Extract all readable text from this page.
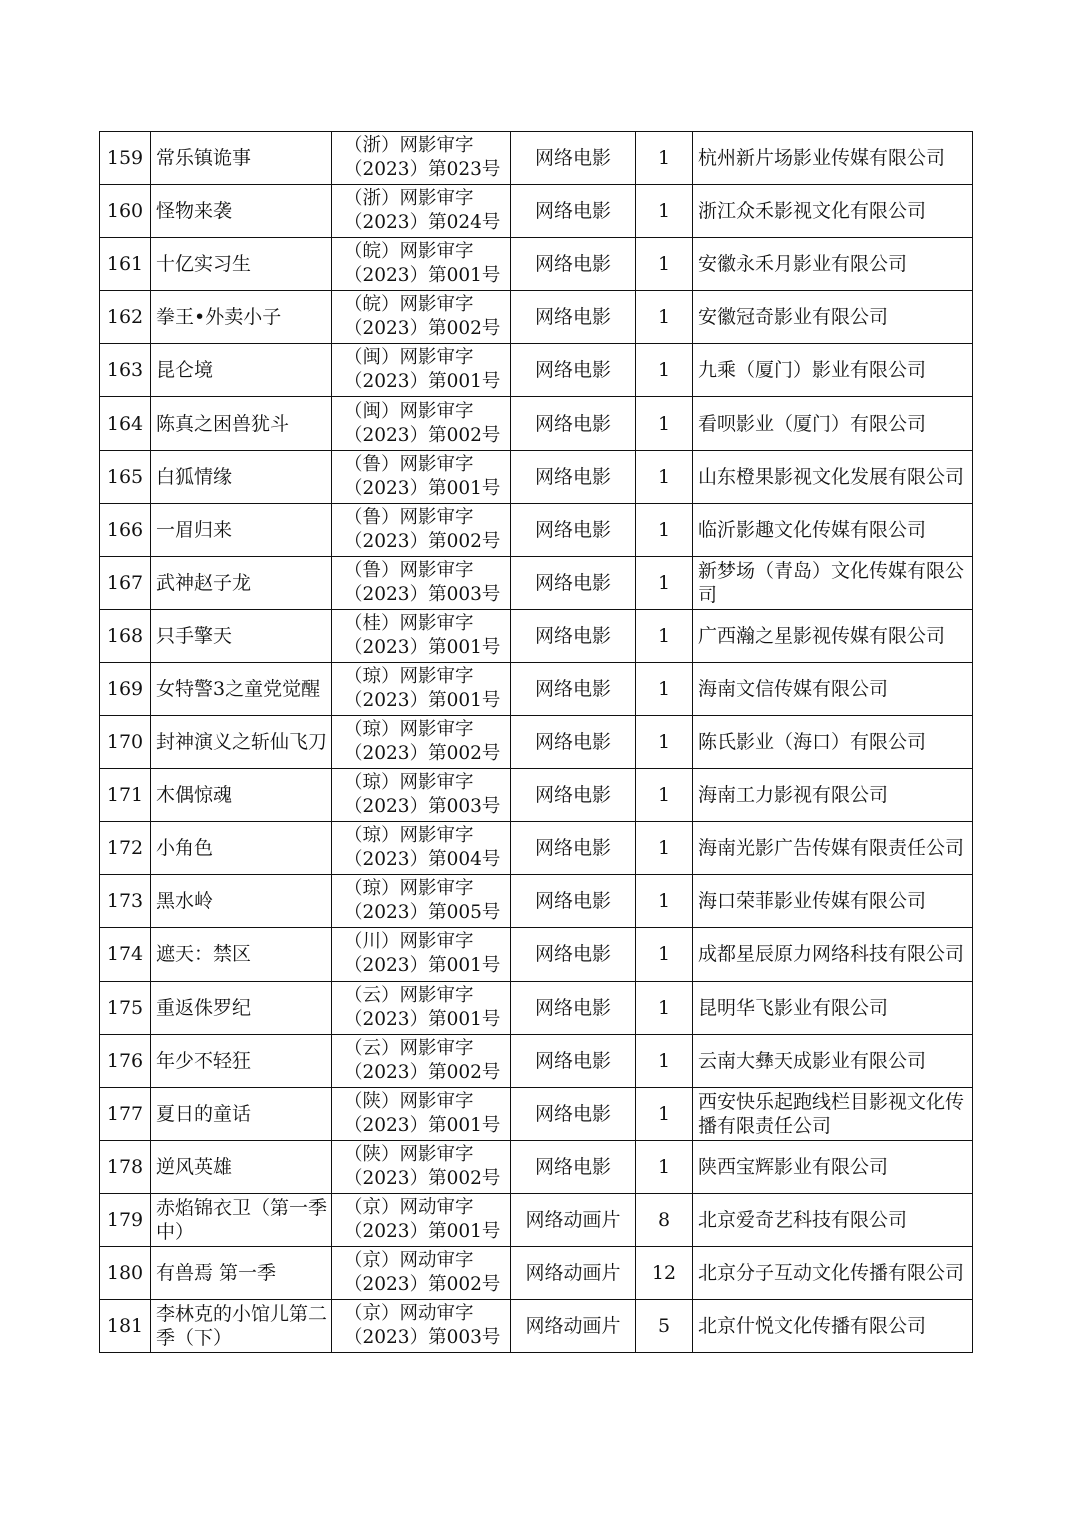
159	常乐镇诡事	（浙）网影审字
（2023）第023号	网络电影	1	杭州新片场影业传媒有限公司
160	怪物来袭	（浙）网影审字
（2023）第024号	网络电影	1	浙江众禾影视文化有限公司
161	十亿实习生	（皖）网影审字
（2023）第001号	网络电影	1	安徽永禾月影业有限公司
162	拳王•外卖小子	（皖）网影审字
（2023）第002号	网络电影	1	安徽冠奇影业有限公司
163	昆仑境	（闽）网影审字
（2023）第001号	网络电影	1	九乘（厦门）影业有限公司
164	陈真之困兽犹斗	（闽）网影审字
（2023）第002号	网络电影	1	看呗影业（厦门）有限公司
165	白狐情缘	（鲁）网影审字
（2023）第001号	网络电影	1	山东橙果影视文化发展有限公司
166	一眉归来	（鲁）网影审字
（2023）第002号	网络电影	1	临沂影趣文化传媒有限公司
167	武神赵子龙	（鲁）网影审字
（2023）第003号	网络电影	1	新梦场（青岛）文化传媒有限公司
168	只手擎天	（桂）网影审字
（2023）第001号	网络电影	1	广西瀚之星影视传媒有限公司
169	女特警3之童党觉醒	（琼）网影审字
（2023）第001号	网络电影	1	海南文信传媒有限公司
170	封神演义之斩仙飞刀	（琼）网影审字
（2023）第002号	网络电影	1	陈氏影业（海口）有限公司
171	木偶惊魂	（琼）网影审字
（2023）第003号	网络电影	1	海南工力影视有限公司
172	小角色	（琼）网影审字
（2023）第004号	网络电影	1	海南光影广告传媒有限责任公司
173	黑水岭	（琼）网影审字
（2023）第005号	网络电影	1	海口荣菲影业传媒有限公司
174	遮天：禁区	（川）网影审字
（2023）第001号	网络电影	1	成都星辰原力网络科技有限公司
175	重返侏罗纪	（云）网影审字
（2023）第001号	网络电影	1	昆明华飞影业有限公司
176	年少不轻狂	（云）网影审字
（2023）第002号	网络电影	1	云南大彝天成影业有限公司
177	夏日的童话	（陕）网影审字
（2023）第001号	网络电影	1	西安快乐起跑线栏目影视文化传播有限责任公司
178	逆风英雄	（陕）网影审字
（2023）第002号	网络电影	1	陕西宝辉影业有限公司
179	赤焰锦衣卫（第一季中）	（京）网动审字
（2023）第001号	网络动画片	8	北京爱奇艺科技有限公司
180	有兽焉 第一季	（京）网动审字
（2023）第002号	网络动画片	12	北京分子互动文化传播有限公司
181	李林克的小馆儿第二季（下）	（京）网动审字
（2023）第003号	网络动画片	5	北京什悦文化传播有限公司
